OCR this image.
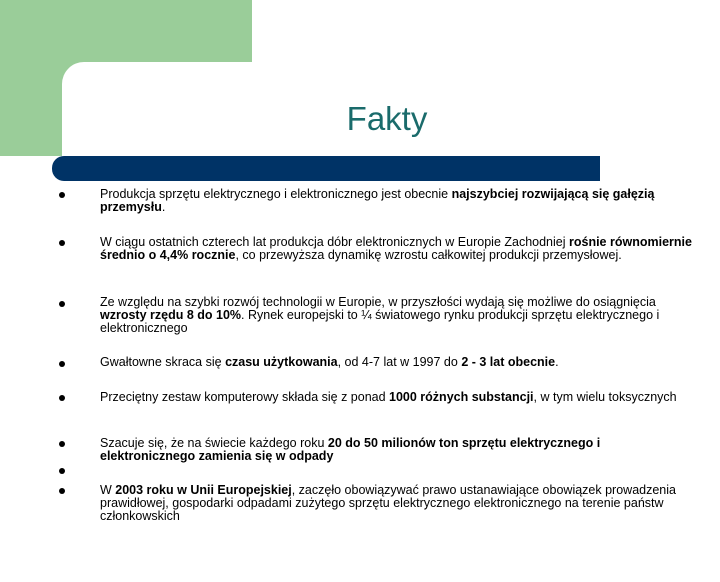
Fakty
Produkcja sprzętu elektrycznego i elektronicznego jest obecnie najszybciej rozwijającą się gałęzią przemysłu.
W ciągu ostatnich czterech lat produkcja dóbr elektronicznych w Europie Zachodniej rośnie równomiernie średnio o 4,4% rocznie, co przewyższa dynamikę wzrostu całkowitej produkcji przemysłowej.
Ze względu na szybki rozwój technologii w Europie, w przyszłości wydają się możliwe do osiągnięcia wzrosty rzędu 8 do 10%. Rynek europejski to ¼ światowego rynku produkcji sprzętu elektrycznego i elektronicznego
Gwałtowne skraca się czasu użytkowania, od 4-7 lat w 1997 do 2 - 3 lat obecnie.
Przeciętny zestaw komputerowy składa się z ponad 1000 różnych substancji, w tym wielu toksycznych
Szacuje się, że na świecie każdego roku 20 do 50 milionów ton sprzętu elektrycznego i elektronicznego zamienia się w odpady
W 2003 roku w Unii Europejskiej, zaczęło obowiązywać prawo ustanawiające obowiązek prowadzenia prawidłowej, gospodarki odpadami zużytego sprzętu elektrycznego elektronicznego na terenie państw członkowskich
